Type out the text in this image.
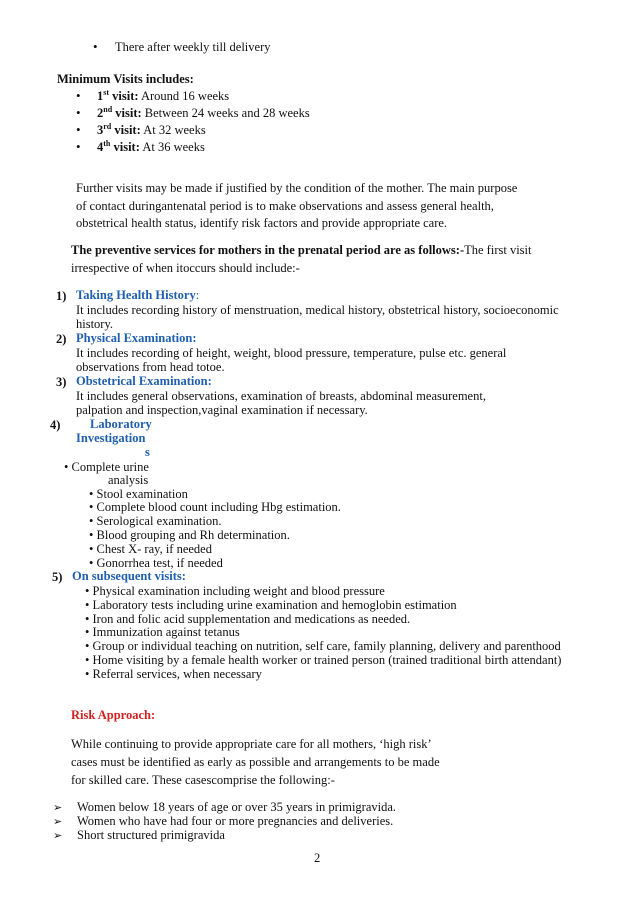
• There after weekly till delivery
Minimum Visits includes:
• 1st visit: Around 16 weeks
• 2nd visit: Between 24 weeks and 28 weeks
• 3rd visit: At 32 weeks
• 4th visit: At 36 weeks
Further visits may be made if justified by the condition of the mother. The main purpose
of contact duringantenatal period is to make observations and assess general health,
obstetrical health status, identify risk factors and provide appropriate care.
The preventive services for mothers in the prenatal period are as follows:-The first visit
irrespective of when itoccurs should include:-
1) Taking Health History:
It includes recording history of menstruation, medical history, obstetrical history, socioeconomic
history.
2) Physical Examination:
It includes recording of height, weight, blood pressure, temperature, pulse etc. general
observations from head totoe.
3) Obstetrical Examination:
It includes general observations, examination of breasts, abdominal measurement,
palpation and inspection,vaginal examination if necessary.
4) Laboratory
Investigation
s
• Complete urine
analysis
• Stool examination
• Complete blood count including Hbg estimation.
• Serological examination.
• Blood grouping and Rh determination.
• Chest X- ray, if needed
• Gonorrhea test, if needed
5) On subsequent visits:
• Physical examination including weight and blood pressure
• Laboratory tests including urine examination and hemoglobin estimation
• Iron and folic acid supplementation and medications as needed.
• Immunization against tetanus
• Group or individual teaching on nutrition, self care, family planning, delivery and parenthood
• Home visiting by a female health worker or trained person (trained traditional birth attendant)
• Referral services, when necessary
Risk Approach:
While continuing to provide appropriate care for all mothers, ‘high risk’
cases must be identified as early as possible and arrangements to be made
for skilled care. These casescomprise the following:-
➢ Women below 18 years of age or over 35 years in primigravida.
➢ Women who have had four or more pregnancies and deliveries.
➢ Short structured primigravida
2
